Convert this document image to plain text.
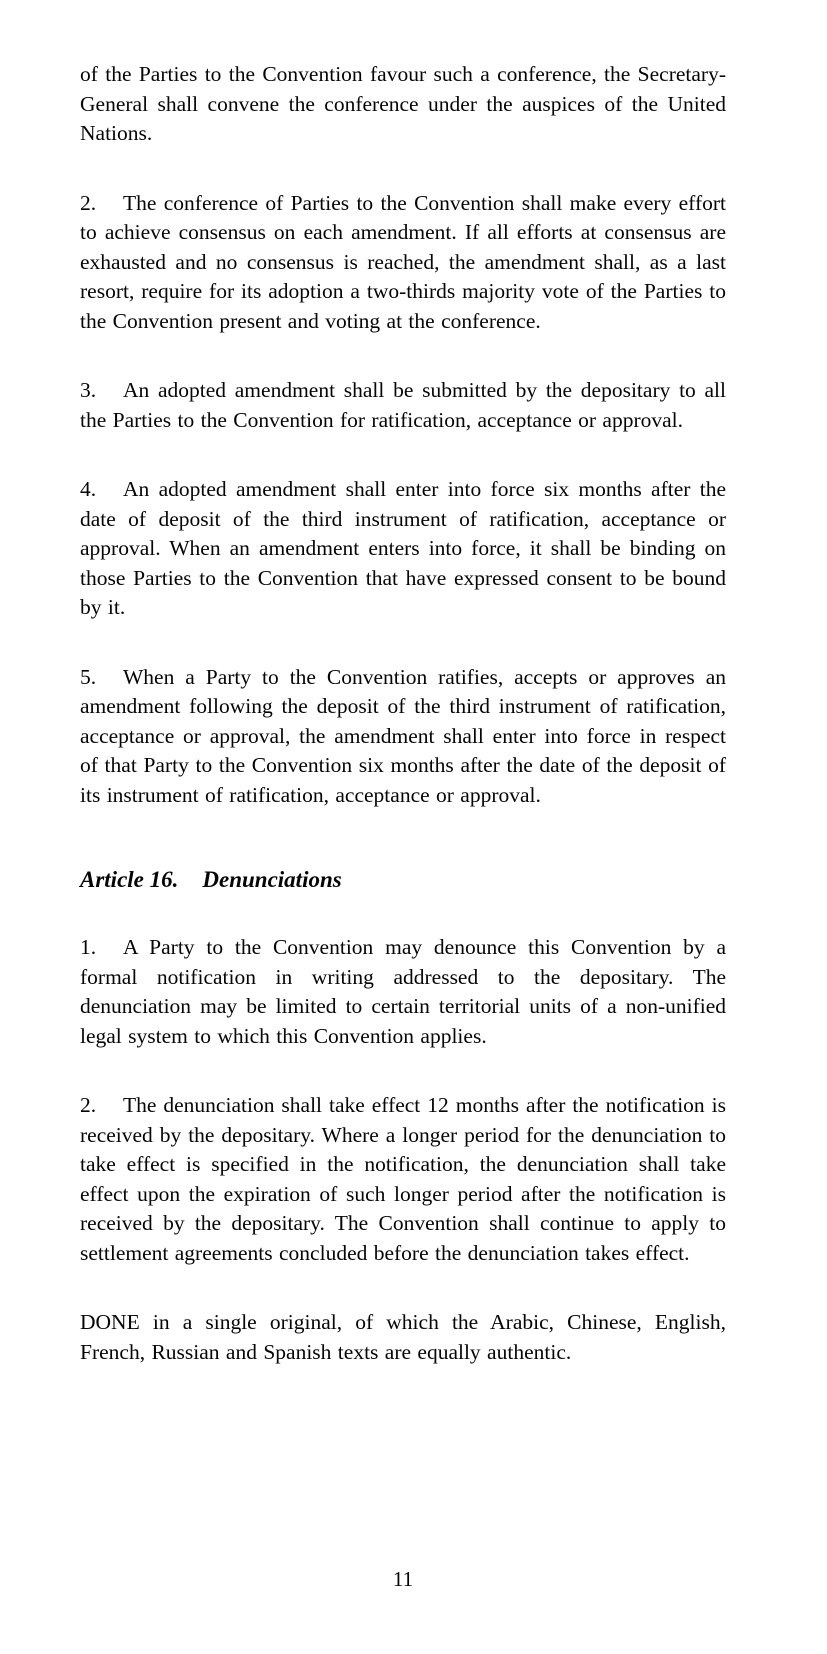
of the Parties to the Convention favour such a conference, the Secretary-General shall convene the conference under the auspices of the United Nations.

2. The conference of Parties to the Convention shall make every effort to achieve consensus on each amendment. If all efforts at consensus are exhausted and no consensus is reached, the amendment shall, as a last resort, require for its adoption a two-thirds majority vote of the Parties to the Convention present and voting at the conference.

3. An adopted amendment shall be submitted by the depositary to all the Parties to the Convention for ratification, acceptance or approval.

4. An adopted amendment shall enter into force six months after the date of deposit of the third instrument of ratification, acceptance or approval. When an amendment enters into force, it shall be binding on those Parties to the Convention that have expressed consent to be bound by it.

5. When a Party to the Convention ratifies, accepts or approves an amendment following the deposit of the third instrument of ratification, acceptance or approval, the amendment shall enter into force in respect of that Party to the Convention six months after the date of the deposit of its instrument of ratification, acceptance or approval.

Article 16. Denunciations

1. A Party to the Convention may denounce this Convention by a formal notification in writing addressed to the depositary. The denunciation may be limited to certain territorial units of a non-unified legal system to which this Convention applies.

2. The denunciation shall take effect 12 months after the notification is received by the depositary. Where a longer period for the denunciation to take effect is specified in the notification, the denunciation shall take effect upon the expiration of such longer period after the notification is received by the depositary. The Convention shall continue to apply to settlement agreements concluded before the denunciation takes effect.

DONE in a single original, of which the Arabic, Chinese, English, French, Russian and Spanish texts are equally authentic.

11
